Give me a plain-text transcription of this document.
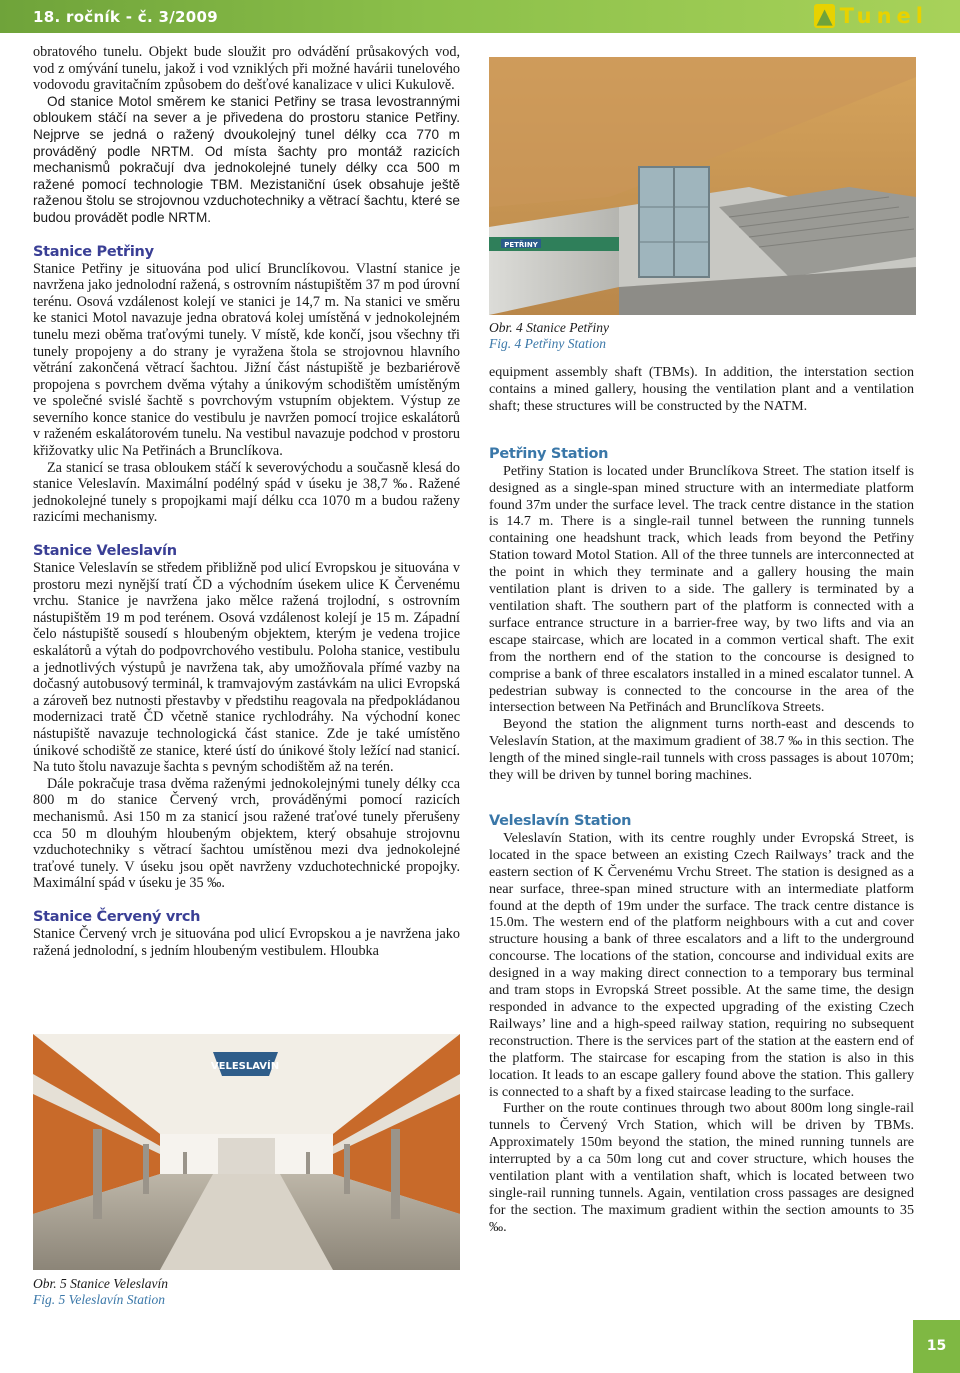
18. ročník - č. 3/2009	▲ Tunel

obratového tunelu. Objekt bude sloužit pro odvádění průsakových vod, vod z omývání tunelu, jakož i vod vzniklých při možné havárii tunelového vodovodu gravitačním způsobem do dešťové kanalizace v ulici Kukulově.

Od stanice Motol směrem ke stanici Petřiny se trasa levostrannými obloukem stáčí na sever a je přivedena do prostoru stanice Petřiny. Nejprve se jedná o ražený dvoukolejný tunel délky cca 770 m prováděný podle NRTM. Od místa šachty pro montáž razicích mechanismů pokračují dva jednokolejné tunely délky cca 500 m ražené pomocí technologie TBM. Mezistaniční úsek obsahuje ještě raženou štolu se strojovnou vzduchotechniky a větrací šachtu, které se budou provádět podle NRTM.

Stanice Petřiny

Stanice Petřiny je situována pod ulicí Brunclíkovou. Vlastní stanice je navržena jako jednolodní ražená, s ostrovním nástupištěm 37 m pod úrovní terénu. Osová vzdálenost kolejí ve stanici je 14,7 m. Na stanici ve směru ke stanici Motol navazuje jedna obratová kolej umístěná v jednokolejném tunelu mezi oběma traťovými tunely. V místě, kde končí, jsou všechny tři tunely propojeny a do strany je vyražena štola se strojovnou hlavního větrání zakončená větrací šachtou. Jižní část nástupiště je bezbariérově propojena s povrchem dvěma výtahy a únikovým schodištěm umístěným ve společné svislé šachtě s povrchovým vstupním objektem. Výstup ze severního konce stanice do vestibulu je navržen pomocí trojice eskalátorů v raženém eskalátorovém tunelu. Na vestibul navazuje podchod v prostoru křižovatky ulic Na Petřinách a Brunclíkova.

Za stanicí se trasa obloukem stáčí k severovýchodu a současně klesá do stanice Veleslavín. Maximální podélný spád v úseku je 38,7 ‰. Ražené jednokolejné tunely s propojkami mají délku cca 1070 m a budou raženy razicími mechanismy.

Stanice Veleslavín

Stanice Veleslavín se středem přibližně pod ulicí Evropskou je situována v prostoru mezi nynější tratí ČD a východním úsekem ulice K Červenému vrchu. Stanice je navržena jako mělce ražená trojlodní, s ostrovním nástupištěm 19 m pod terénem. Osová vzdálenost kolejí je 15 m. Západní čelo nástupiště sousedí s hloubeným objektem, kterým je vedena trojice eskalátorů a výtah do podpovrchového vestibulu. Poloha stanice, vestibulu a jednotlivých výstupů je navržena tak, aby umožňovala přímé vazby na dočasný autobusový terminál, k tramvajovým zastávkám na ulici Evropská a zároveň bez nutnosti přestavby v předstihu reagovala na předpokládanou modernizaci tratě ČD včetně stanice rychlodráhy. Na východní konec nástupiště navazuje technologická část stanice. Zde je také umístěno únikové schodiště ze stanice, které ústí do únikové štoly ležící nad stanicí. Na tuto štolu navazuje šachta s pevným schodištěm až na terén.

Dále pokračuje trasa dvěma raženými jednokolejnými tunely délky cca 800 m do stanice Červený vrch, prováděnými pomocí razicích mechanismů. Asi 150 m za stanicí jsou ražené traťové tunely přerušeny cca 50 m dlouhým hloubeným objektem, který obsahuje strojovnu vzduchotechniky s větrací šachtou umístěnou mezi dva jednokolejné traťové tunely. V úseku jsou opět navrženy vzduchotechnické propojky. Maximální spád v úseku je 35 ‰.

Stanice Červený vrch

Stanice Červený vrch je situována pod ulicí Evropskou a je navržena jako ražená jednolodní, s jedním hloubeným vestibulem. Hloubka

VELESLAVÍN
Obr. 5 Stanice Veleslavín
Fig. 5 Veleslavín Station
PETŘINY
Obr. 4 Stanice Petřiny
Fig. 4 Petřiny Station

equipment assembly shaft (TBMs). In addition, the interstation section contains a mined gallery, housing the ventilation plant and a ventilation shaft; these structures will be constructed by the NATM.

Petřiny Station

Petřiny Station is located under Brunclíkova Street. The station itself is designed as a single-span mined structure with an intermediate platform found 37m under the surface level. The track centre distance in the station is 14.7 m. There is a single-rail tunnel between the running tunnels containing one headshunt track, which leads from beyond the Petřiny Station toward Motol Station. All of the three tunnels are interconnected at the point in which they terminate and a gallery housing the main ventilation plant is driven to a side. The gallery is terminated by a ventilation shaft. The southern part of the platform is connected with a surface entrance structure in a barrier-free way, by two lifts and via an escape staircase, which are located in a common vertical shaft. The exit from the northern end of the station to the concourse is designed to comprise a bank of three escalators installed in a mined escalator tunnel. A pedestrian subway is connected to the concourse in the area of the intersection between Na Petřinách and Brunclíkova Streets.

Beyond the station the alignment turns north-east and descends to Veleslavín Station, at the maximum gradient of 38.7 ‰ in this section. The length of the mined single-rail tunnels with cross passages is about 1070m; they will be driven by tunnel boring machines.

Veleslavín Station

Veleslavín Station, with its centre roughly under Evropská Street, is located in the space between an existing Czech Railways’ track and the eastern section of K Červenému Vrchu Street. The station is designed as a near surface, three-span mined structure with an intermediate platform found at the depth of 19m under the surface. The track centre distance is 15.0m. The western end of the platform neighbours with a cut and cover structure housing a bank of three escalators and a lift to the underground concourse. The locations of the station, concourse and individual exits are designed in a way making direct connection to a temporary bus terminal and tram stops in Evropská Street possible. At the same time, the design responded in advance to the expected upgrading of the existing Czech Railways’ line and a high-speed railway station, requiring no subsequent reconstruction. There is the services part of the station at the eastern end of the platform. The staircase for escaping from the station is also in this location. It leads to an escape gallery found above the station. This gallery is connected to a shaft by a fixed staircase leading to the surface.

Further on the route continues through two about 800m long single-rail tunnels to Červený Vrch Station, which will be driven by TBMs. Approximately 150m beyond the station, the mined running tunnels are interrupted by a ca 50m long cut and cover structure, which houses the ventilation plant with a ventilation shaft, which is located between two single-rail running tunnels. Again, ventilation cross passages are designed for the section. The maximum gradient within the section amounts to 35 ‰.

15
